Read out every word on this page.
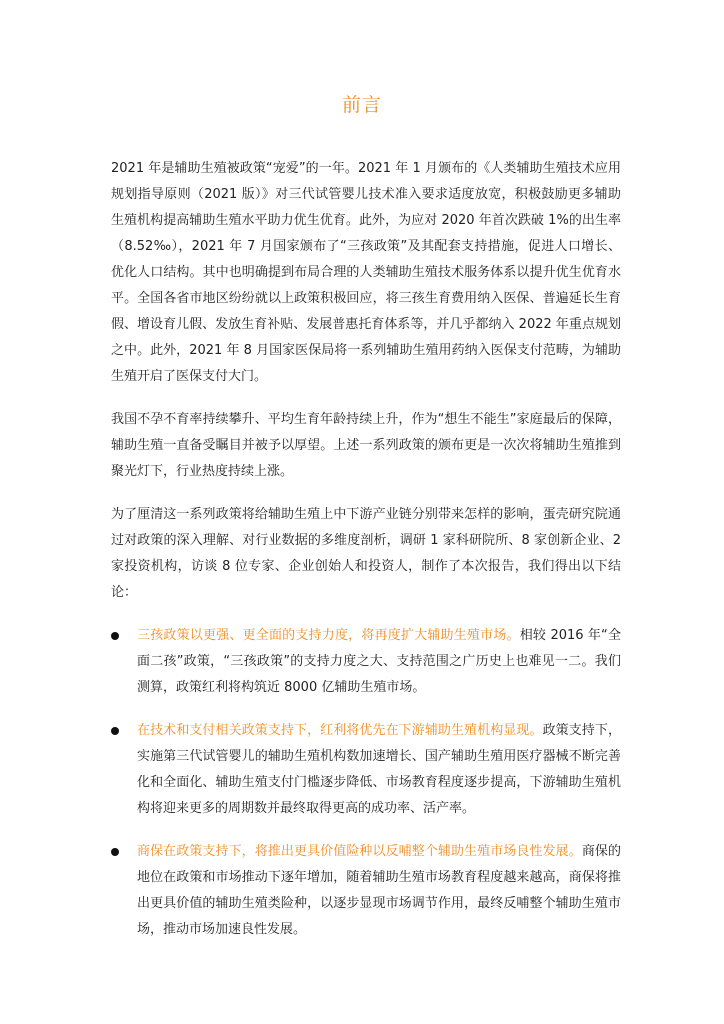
前言

2021 年是辅助生殖被政策“宠爱”的一年。2021 年 1 月颁布的《人类辅助生殖技术应用规划指导原则（2021 版）》对三代试管婴儿技术准入要求适度放宽，积极鼓励更多辅助生殖机构提高辅助生殖水平助力优生优育。此外，为应对 2020 年首次跌破 1%的出生率（8.52‰），2021 年 7 月国家颁布了“三孩政策”及其配套支持措施，促进人口增长、优化人口结构。其中也明确提到布局合理的人类辅助生殖技术服务体系以提升优生优育水平。全国各省市地区纷纷就以上政策积极回应，将三孩生育费用纳入医保、普遍延长生育假、增设育儿假、发放生育补贴、发展普惠托育体系等，并几乎都纳入 2022 年重点规划之中。此外，2021 年 8 月国家医保局将一系列辅助生殖用药纳入医保支付范畴，为辅助生殖开启了医保支付大门。

我国不孕不育率持续攀升、平均生育年龄持续上升，作为“想生不能生”家庭最后的保障，辅助生殖一直备受瞩目并被予以厚望。上述一系列政策的颁布更是一次次将辅助生殖推到聚光灯下，行业热度持续上涨。

为了厘清这一系列政策将给辅助生殖上中下游产业链分别带来怎样的影响，蛋壳研究院通过对政策的深入理解、对行业数据的多维度剖析，调研 1 家科研院所、8 家创新企业、2 家投资机构，访谈 8 位专家、企业创始人和投资人，制作了本次报告，我们得出以下结论：

三孩政策以更强、更全面的支持力度，将再度扩大辅助生殖市场。相较 2016 年“全面二孩”政策，“三孩政策”的支持力度之大、支持范围之广历史上也难见一二。我们测算，政策红利将构筑近 8000 亿辅助生殖市场。
在技术和支付相关政策支持下，红利将优先在下游辅助生殖机构显现。政策支持下，实施第三代试管婴儿的辅助生殖机构数加速增长、国产辅助生殖用医疗器械不断完善化和全面化、辅助生殖支付门槛逐步降低、市场教育程度逐步提高，下游辅助生殖机构将迎来更多的周期数并最终取得更高的成功率、活产率。
商保在政策支持下，将推出更具价值险种以反哺整个辅助生殖市场良性发展。商保的地位在政策和市场推动下逐年增加，随着辅助生殖市场教育程度越来越高，商保将推出更具价值的辅助生殖类险种，以逐步显现市场调节作用，最终反哺整个辅助生殖市场，推动市场加速良性发展。
